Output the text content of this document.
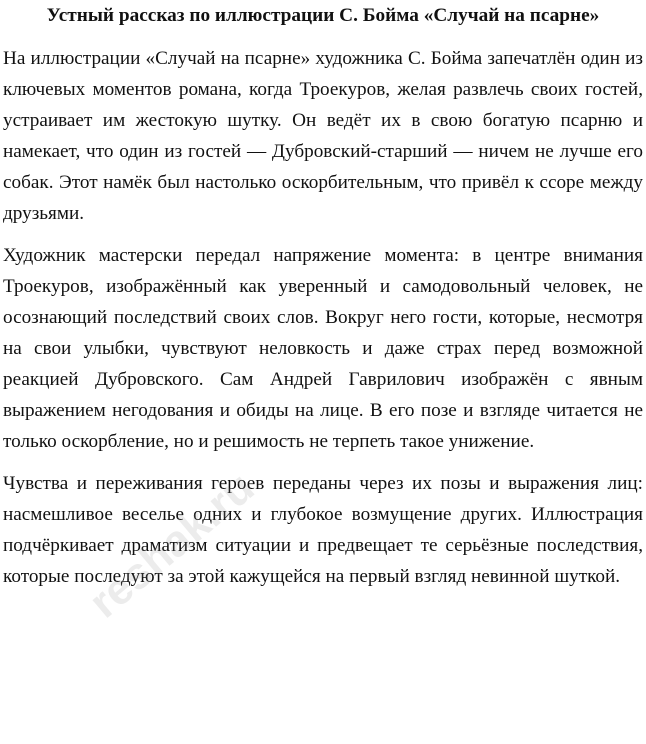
Устный рассказ по иллюстрации С. Бойма «Случай на псарне»

На иллюстрации «Случай на псарне» художника С. Бойма запечатлён один из ключевых моментов романа, когда Троекуров, желая развлечь своих гостей, устраивает им жестокую шутку. Он ведёт их в свою богатую псарню и намекает, что один из гостей — Дубровский-старший — ничем не лучше его собак. Этот намёк был настолько оскорбительным, что привёл к ссоре между друзьями.

Художник мастерски передал напряжение момента: в центре внимания Троекуров, изображённый как уверенный и самодовольный человек, не осознающий последствий своих слов. Вокруг него гости, которые, несмотря на свои улыбки, чувствуют неловкость и даже страх перед возможной реакцией Дубровского. Сам Андрей Гаврилович изображён с явным выражением негодования и обиды на лице. В его позе и взгляде читается не только оскорбление, но и решимость не терпеть такое унижение.

Чувства и переживания героев переданы через их позы и выражения лиц: насмешливое веселье одних и глубокое возмущение других. Иллюстрация подчёркивает драматизм ситуации и предвещает те серьёзные последствия, которые последуют за этой кажущейся на первый взгляд невинной шуткой.

reshak.ru
